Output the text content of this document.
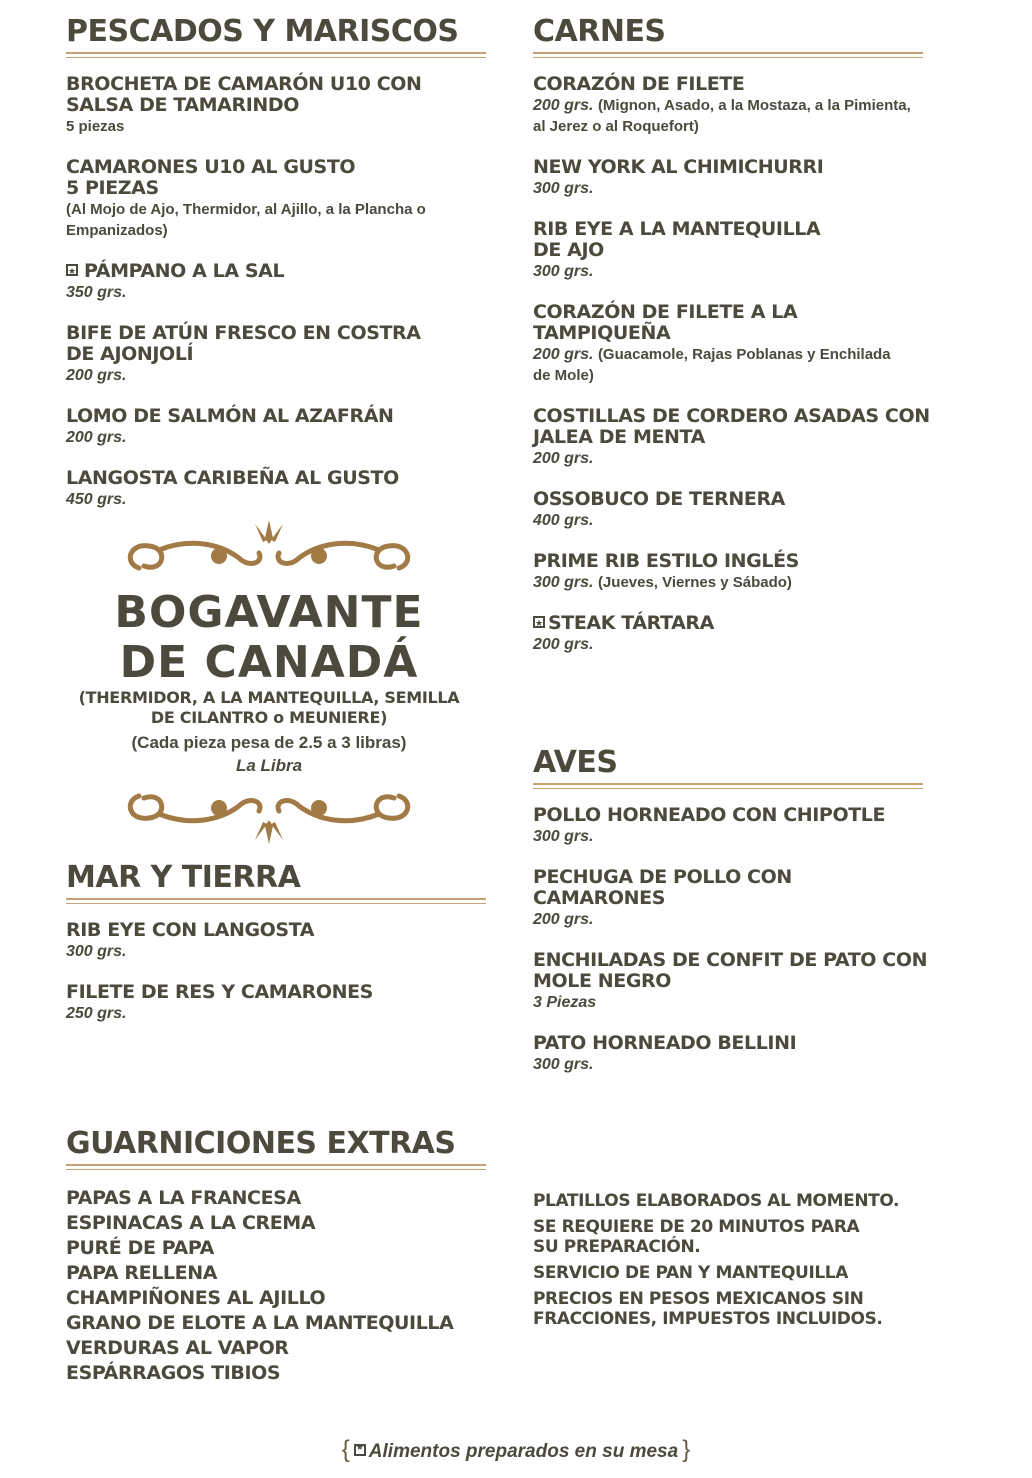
PESCADOS Y MARISCOS
BROCHETA DE CAMARÓN U10 CON SALSA DE TAMARINDO
5 piezas
CAMARONES U10 AL GUSTO 5 PIEZAS
(Al Mojo de Ajo, Thermidor, al Ajillo, a la Plancha o Empanizados)
★PÁMPANO A LA SAL
350 grs.
BIFE DE ATÚN FRESCO EN COSTRA DE AJONJOLÍ
200 grs.
LOMO DE SALMÓN AL AZAFRÁN
200 grs.
LANGOSTA CARIBEÑA AL GUSTO
450 grs.
BOGAVANTE
DE CANADÁ
(THERMIDOR, A LA MANTEQUILLA, SEMILLA DE CILANTRO o MEUNIERE)
(Cada pieza pesa de 2.5 a 3 libras)
La Libra
MAR Y TIERRA
RIB EYE CON LANGOSTA
300 grs.
FILETE DE RES Y CAMARONES
250 grs.
GUARNICIONES EXTRAS
PAPAS A LA FRANCESA
ESPINACAS A LA CREMA
PURÉ DE PAPA
PAPA RELLENA
CHAMPIÑONES AL AJILLO
GRANO DE ELOTE A LA MANTEQUILLA
VERDURAS AL VAPOR
ESPÁRRAGOS TIBIOS
CARNES
CORAZÓN DE FILETE
200 grs. (Mignon, Asado, a la Mostaza, a la Pimienta, al Jerez o al Roquefort)
NEW YORK AL CHIMICHURRI
300 grs.
RIB EYE A LA MANTEQUILLA DE AJO
300 grs.
CORAZÓN DE FILETE A LA TAMPIQUEÑA
200 grs. (Guacamole, Rajas Poblanas y Enchilada de Mole)
COSTILLAS DE CORDERO ASADAS CON JALEA DE MENTA
200 grs.
OSSOBUCO DE TERNERA
400 grs.
PRIME RIB ESTILO INGLÉS
300 grs. (Jueves, Viernes y Sábado)
★STEAK TÁRTARA
200 grs.
AVES
POLLO HORNEADO CON CHIPOTLE
300 grs.
PECHUGA DE POLLO CON CAMARONES
200 grs.
ENCHILADAS DE CONFIT DE PATO CON MOLE NEGRO
3 Piezas
PATO HORNEADO BELLINI
300 grs.
PLATILLOS ELABORADOS AL MOMENTO.
SE REQUIERE DE 20 MINUTOS PARA SU PREPARACIÓN.
SERVICIO DE PAN Y MANTEQUILLA
PRECIOS EN PESOS MEXICANOS SIN FRACCIONES, IMPUESTOS INCLUIDOS.
{★ Alimentos preparados en su mesa }
